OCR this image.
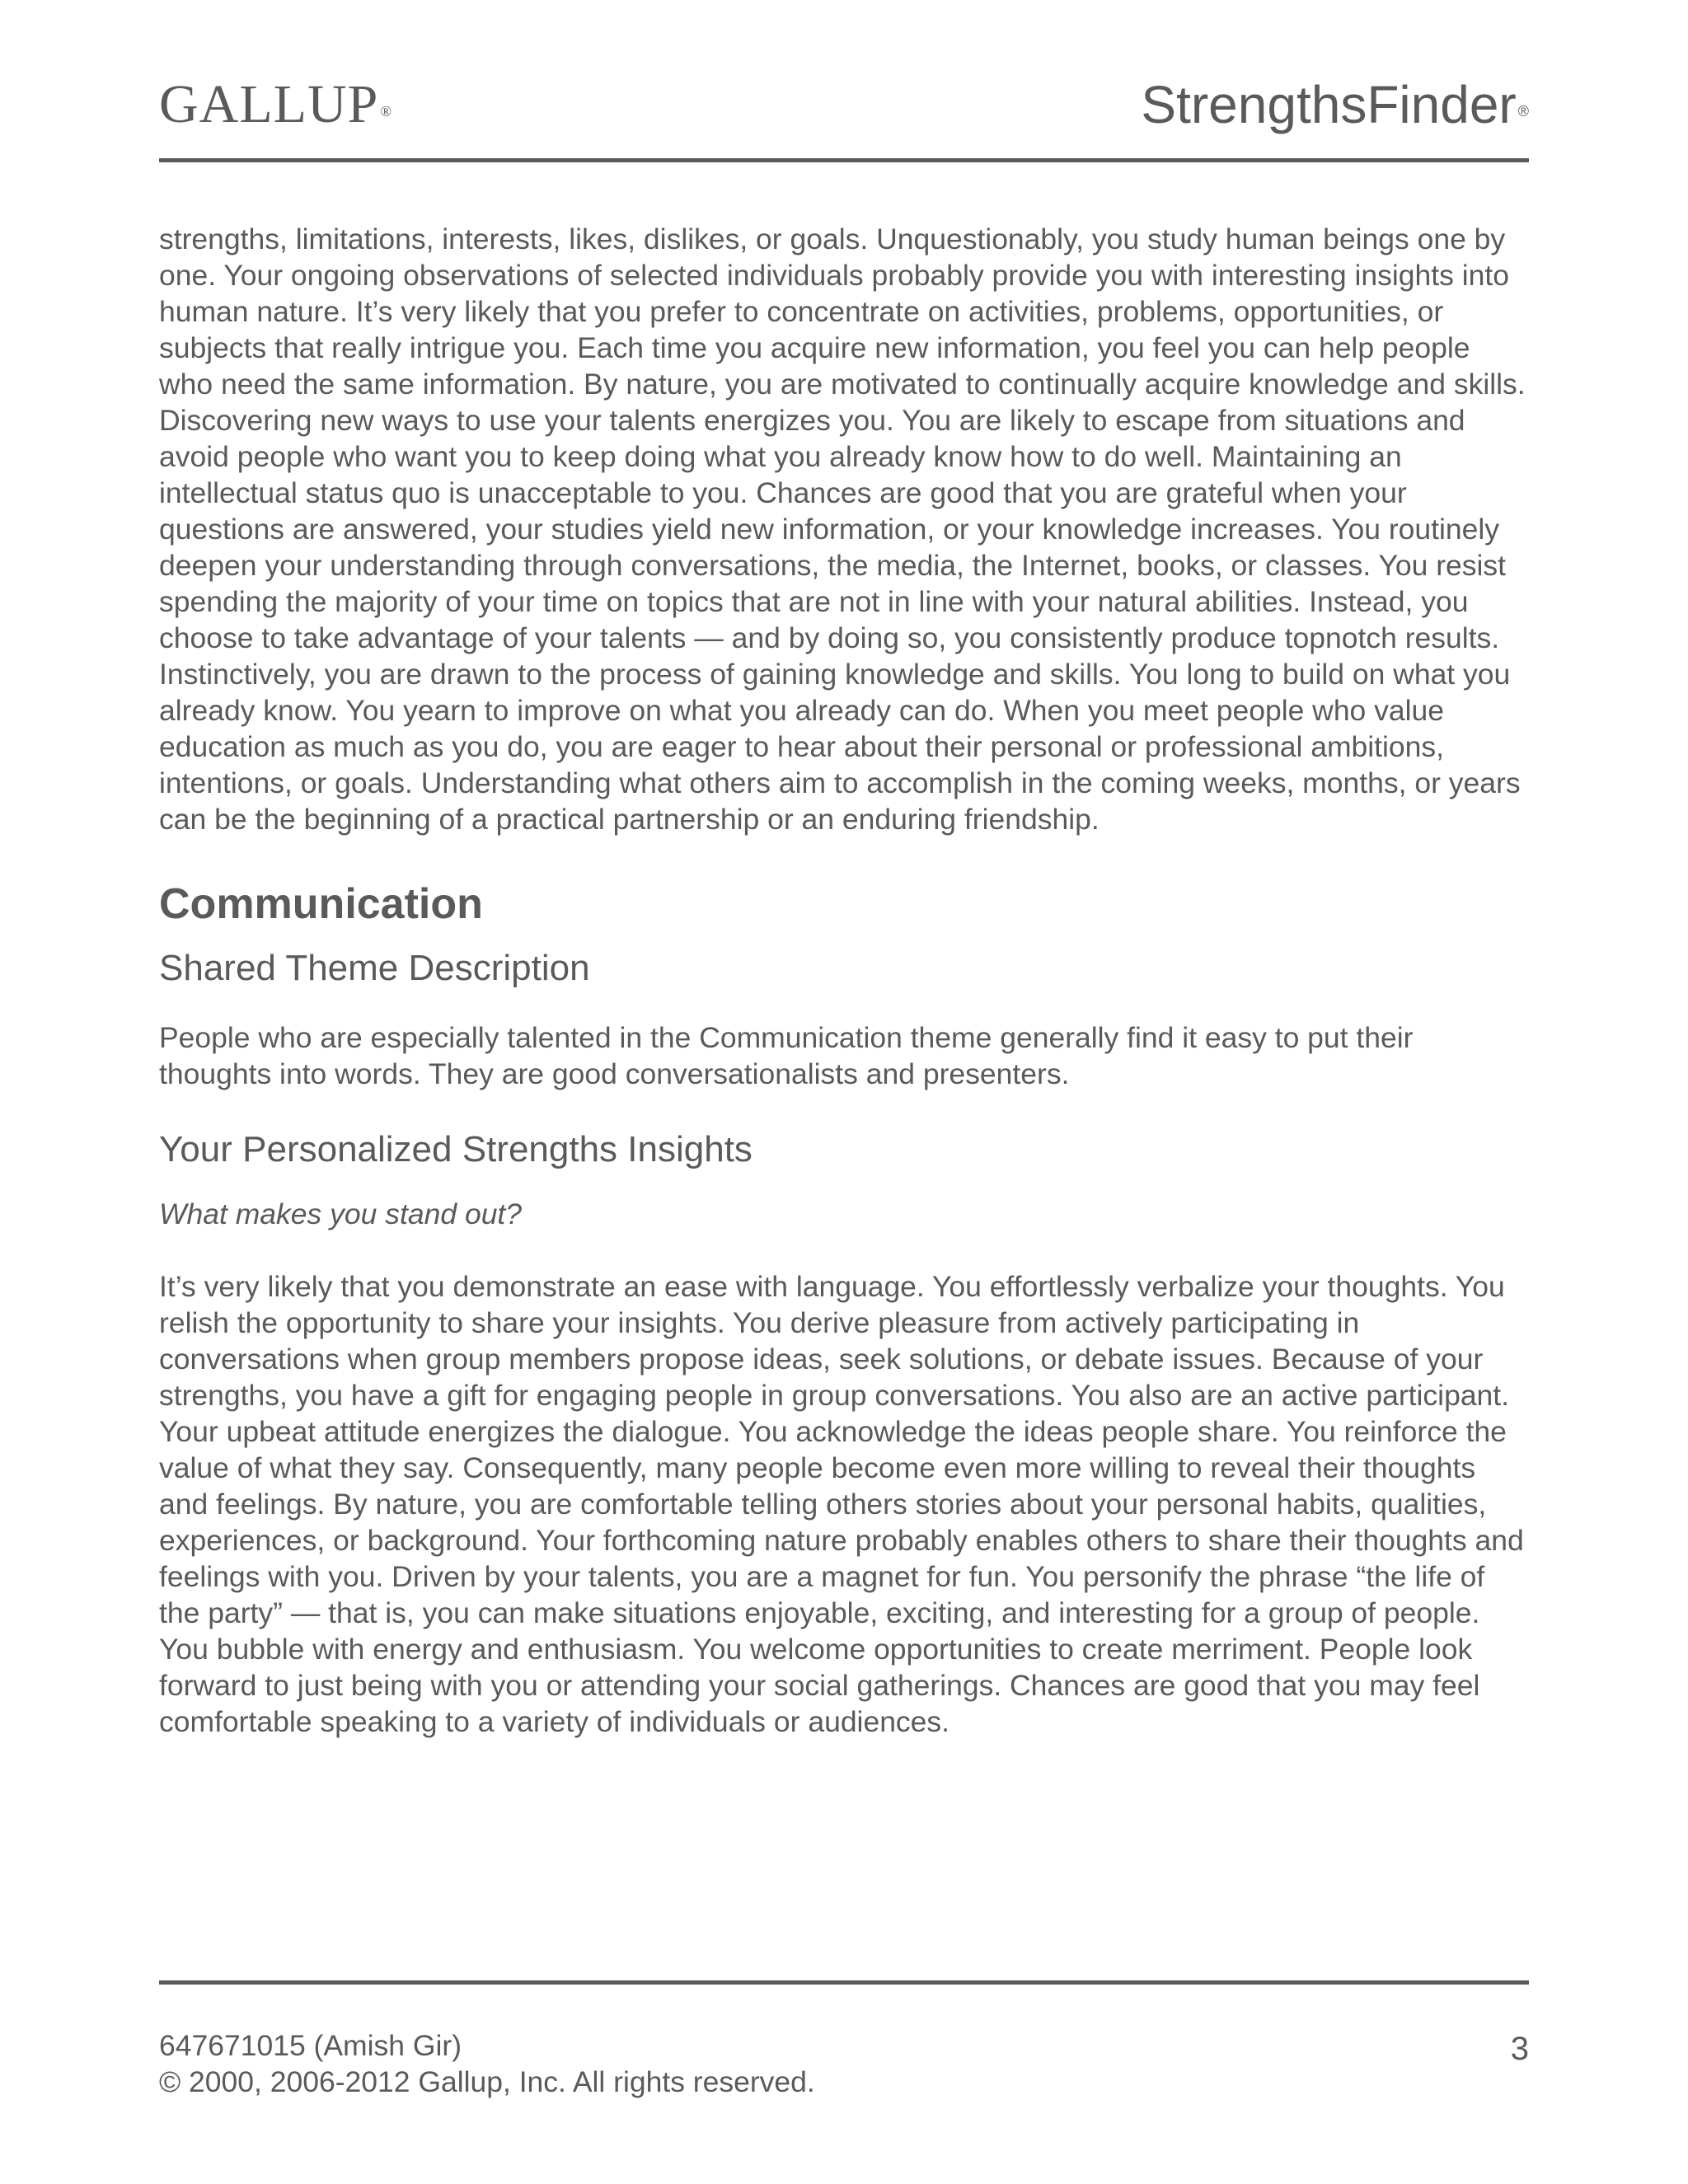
GALLUP ®	StrengthsFinder ®

strengths, limitations, interests, likes, dislikes, or goals. Unquestionably, you study human beings one by one. Your ongoing observations of selected individuals probably provide you with interesting insights into human nature. It’s very likely that you prefer to concentrate on activities, problems, opportunities, or subjects that really intrigue you. Each time you acquire new information, you feel you can help people who need the same information. By nature, you are motivated to continually acquire knowledge and skills. Discovering new ways to use your talents energizes you. You are likely to escape from situations and avoid people who want you to keep doing what you already know how to do well. Maintaining an intellectual status quo is unacceptable to you. Chances are good that you are grateful when your questions are answered, your studies yield new information, or your knowledge increases. You routinely deepen your understanding through conversations, the media, the Internet, books, or classes. You resist spending the majority of your time on topics that are not in line with your natural abilities. Instead, you choose to take advantage of your talents — and by doing so, you consistently produce topnotch results. Instinctively, you are drawn to the process of gaining knowledge and skills. You long to build on what you already know. You yearn to improve on what you already can do. When you meet people who value education as much as you do, you are eager to hear about their personal or professional ambitions, intentions, or goals. Understanding what others aim to accomplish in the coming weeks, months, or years can be the beginning of a practical partnership or an enduring friendship.

Communication
Shared Theme Description

People who are especially talented in the Communication theme generally find it easy to put their thoughts into words. They are good conversationalists and presenters.

Your Personalized Strengths Insights

What makes you stand out?

It’s very likely that you demonstrate an ease with language. You effortlessly verbalize your thoughts. You relish the opportunity to share your insights. You derive pleasure from actively participating in conversations when group members propose ideas, seek solutions, or debate issues. Because of your strengths, you have a gift for engaging people in group conversations. You also are an active participant. Your upbeat attitude energizes the dialogue. You acknowledge the ideas people share. You reinforce the value of what they say. Consequently, many people become even more willing to reveal their thoughts and feelings. By nature, you are comfortable telling others stories about your personal habits, qualities, experiences, or background. Your forthcoming nature probably enables others to share their thoughts and feelings with you. Driven by your talents, you are a magnet for fun. You personify the phrase “the life of the party” — that is, you can make situations enjoyable, exciting, and interesting for a group of people. You bubble with energy and enthusiasm. You welcome opportunities to create merriment. People look forward to just being with you or attending your social gatherings. Chances are good that you may feel comfortable speaking to a variety of individuals or audiences.

647671015 (Amish Gir)
© 2000, 2006-2012 Gallup, Inc. All rights reserved.
3
